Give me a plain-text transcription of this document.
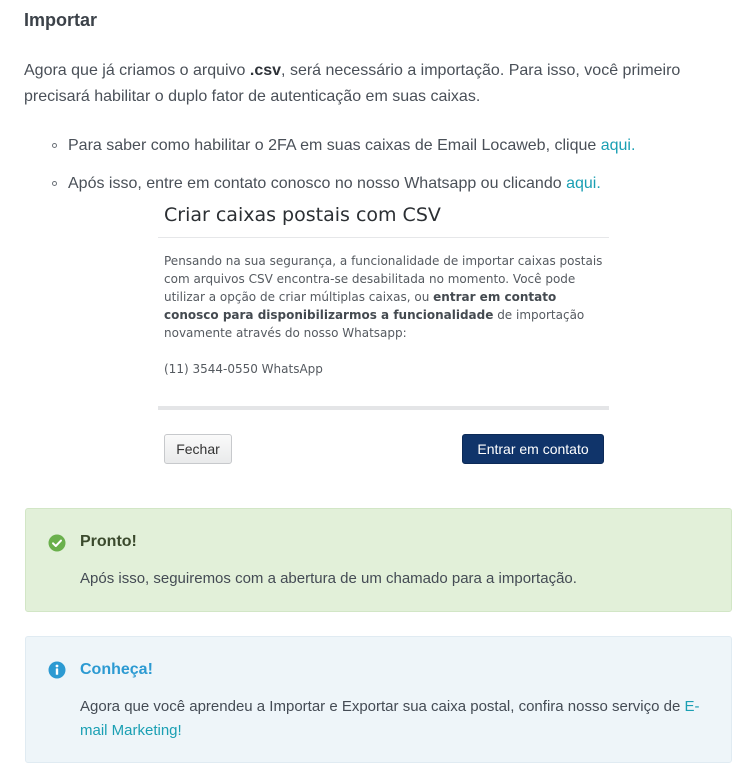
Importar

Agora que já criamos o arquivo .csv, será necessário a importação. Para isso, você primeiro precisará habilitar o duplo fator de autenticação em suas caixas.

Para saber como habilitar o 2FA em suas caixas de Email Locaweb, clique aqui.
Após isso, entre em contato conosco no nosso Whatsapp ou clicando aqui.
Criar caixas postais com CSV

Pensando na sua segurança, a funcionalidade de importar caixas postais com arquivos CSV encontra-se desabilitada no momento. Você pode utilizar a opção de criar múltiplas caixas, ou entrar em contato conosco para disponibilizarmos a funcionalidade de importação novamente através do nosso Whatsapp:

(11) 3544-0550 WhatsApp

Fechar	Entrar em contato
Pronto!

Após isso, seguiremos com a abertura de um chamado para a importação.

Conheça!

Agora que você aprendeu a Importar e Exportar sua caixa postal, confira nosso serviço de E-mail Marketing!
